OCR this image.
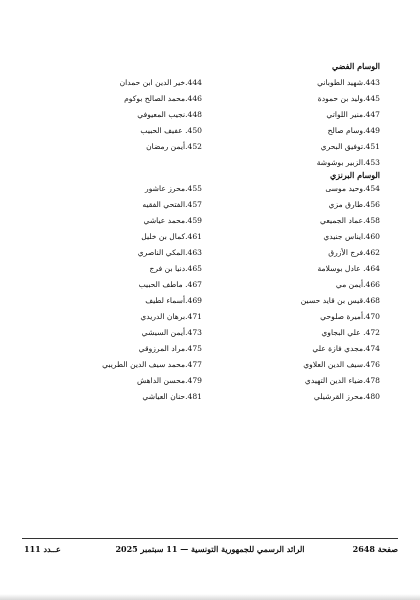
الوسام الفضي
443.شهيد الطوباني
445.وليد بن حمودة
447.منير اللواتي
449.وسام صالح
451.توفيق البحري
453.الزبير بوشوشة
الوسام البرنزي
454.وحيد موسى
456.طارق مزي
458.عماد الجميعي
460.ايناس جنيدي
462.فرج الأزرق
464. عادل بوسلامة
466.أيمن مي
468.قيس بن قايد حسين
470.أميرة صلوحي
472. علي البجاوي
474.مجدي فازة علي
476.سيف الدين العلاوي
478.ضياء الدين التهيدي
480.محرز القرشيلي
444.خير الدين ابن حمدان
446.محمد الصالح بوكوم
448.نجيب المعيوفي
450. عفيف الحبيب
452.أيمن رمضان
455.محرز عاشور
457.الفتحي الفقيه
459.محمد عياشي
461.كمال بن خليل
463.المكي الناصري
465.دنيا بن فرج
467. ماطف الحبيب
469.أسماء لطيف
471.برهان الدريدي
473.أيمن السيشي
475.مراد المرزوقي
477.محمد سيف الدين الطريبي
479.محسن الداهش
481.حنان العياشي
صفحة 2648
الرائد الرسمي للجمهورية التونسية — 11 سبتمبر 2025
عــدد 111
